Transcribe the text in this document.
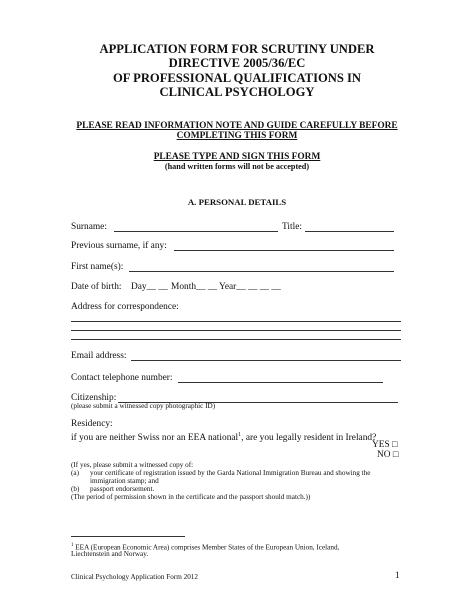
APPLICATION FORM FOR SCRUTINY UNDER
DIRECTIVE 2005/36/EC
OF PROFESSIONAL QUALIFICATIONS IN
CLINICAL PSYCHOLOGY
PLEASE READ INFORMATION NOTE AND GUIDE CAREFULLY BEFORE
COMPLETING THIS FORM
PLEASE TYPE AND SIGN THIS FORM
(hand written forms will not be accepted)
A. PERSONAL DETAILS
Surname:	Title:
Previous surname, if any:
First name(s):
Date of birth: Day__ __ Month__ __ Year__ __ __ __
Address for correspondence:
Email address:
Contact telephone number:
Citizenship:
(please submit a witnessed copy photographic ID)
Residency:
if you are neither Swiss nor an EEA national$^1$, are you legally resident in Ireland?
YES □
NO □
(If yes, please submit a witnessed copy of:
(a) your certificate of registration issued by the Garda National Immigration Bureau and showing the
immigration stamp; and
(b) passport endorsement.
(The period of permission shown in the certificate and the passport should match.))
$^1$ EEA (European Economic Area) comprises Member States of the European Union, Iceland,
Liechtenstein and Norway.
Clinical Psychology Application Form 2012	1
